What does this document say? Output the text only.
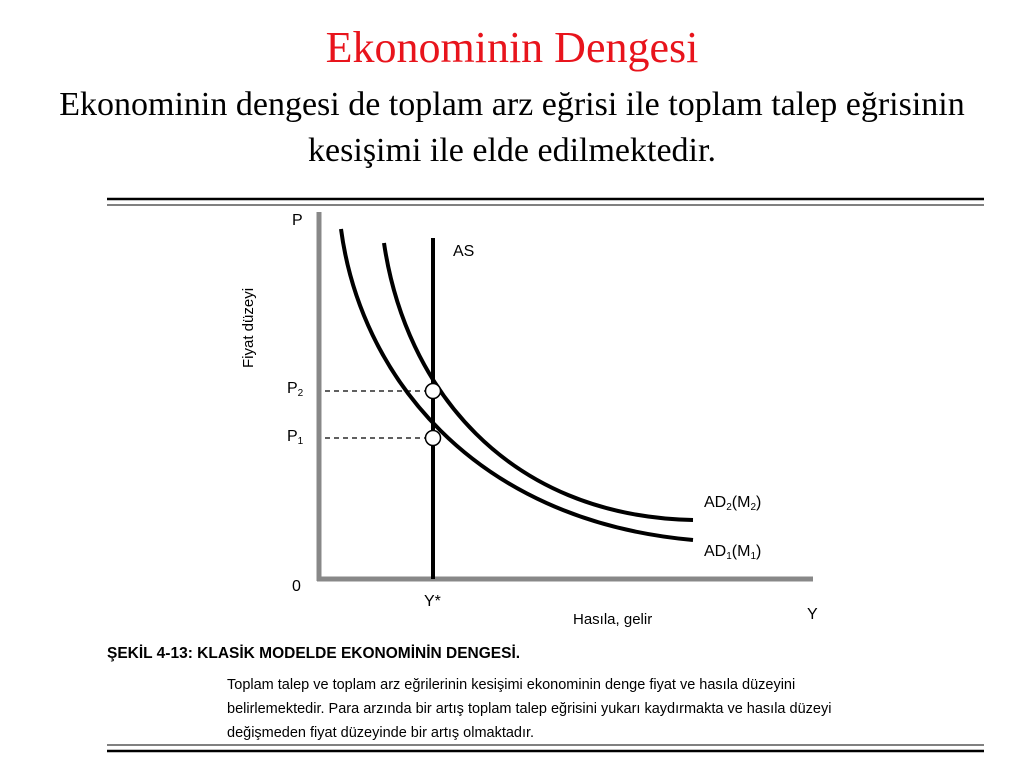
Ekonominin Dengesi
Ekonominin dengesi de toplam arz eğrisi ile toplam talep eğrisinin kesişimi ile elde edilmektedir.
P
Fiyat düzeyi
AS
P2
P1
AD2(M2)
AD1(M1)
0
Y*
Hasıla, gelir	Y
ŞEKİL 4-13: KLASİK MODELDE EKONOMİNİN DENGESİ.
Toplam talep ve toplam arz eğrilerinin kesişimi ekonominin denge fiyat ve hasıla düzeyini
belirlemektedir. Para arzında bir artış toplam talep eğrisini yukarı kaydırmakta ve hasıla düzeyi
değişmeden fiyat düzeyinde bir artış olmaktadır.
